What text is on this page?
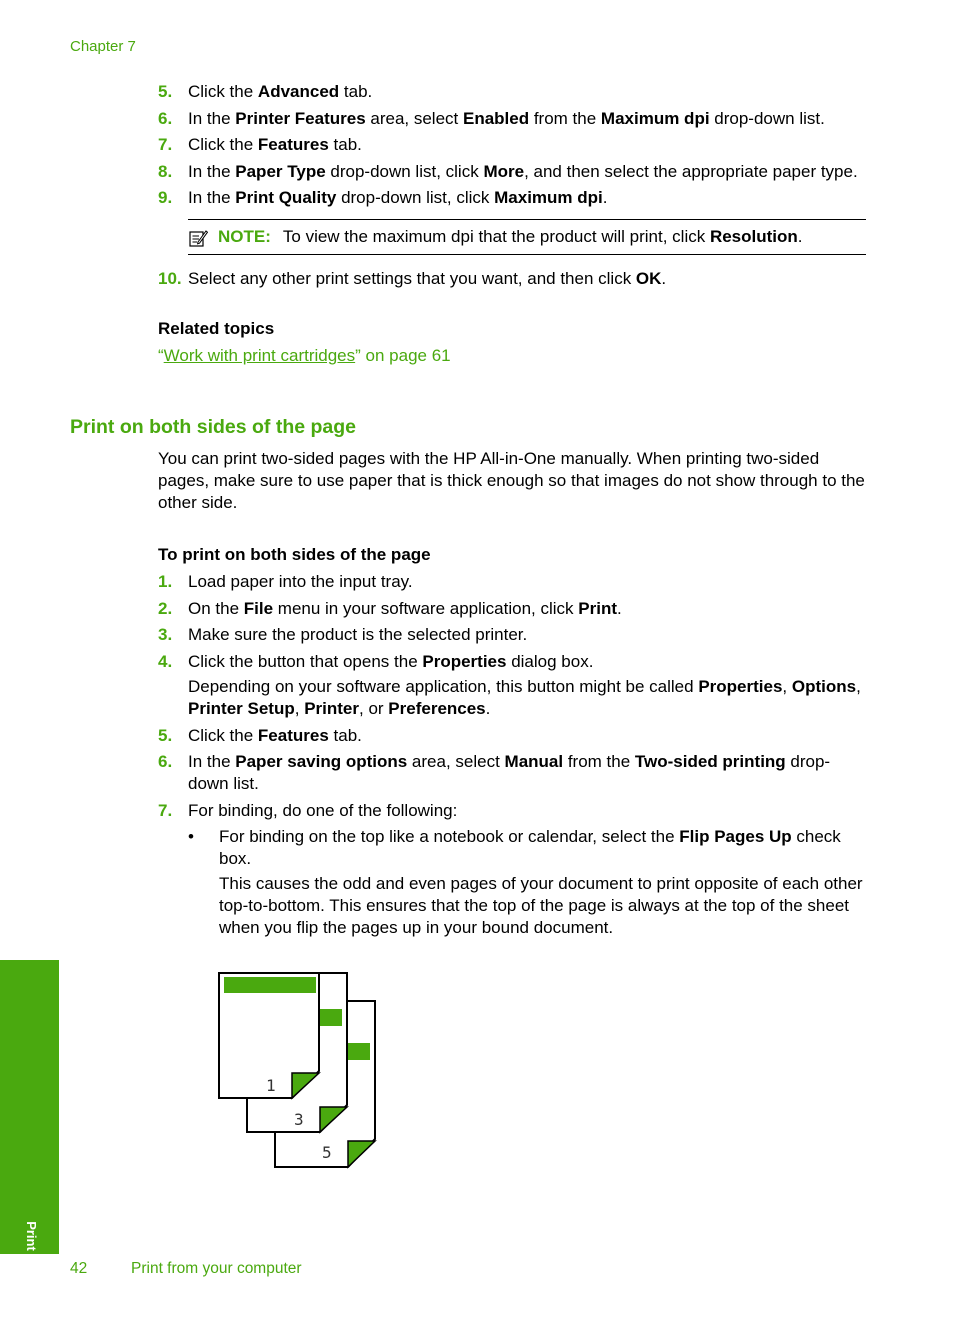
Chapter 7
5. Click the Advanced tab.
6. In the Printer Features area, select Enabled from the Maximum dpi drop-down list.
7. Click the Features tab.
8. In the Paper Type drop-down list, click More, and then select the appropriate paper type.
9. In the Print Quality drop-down list, click Maximum dpi.
NOTE: To view the maximum dpi that the product will print, click Resolution.
10. Select any other print settings that you want, and then click OK.
Related topics
“Work with print cartridges” on page 61
Print on both sides of the page
You can print two-sided pages with the HP All-in-One manually. When printing two-sided pages, make sure to use paper that is thick enough so that images do not show through to the other side.
To print on both sides of the page
1. Load paper into the input tray.
2. On the File menu in your software application, click Print.
3. Make sure the product is the selected printer.
4. Click the button that opens the Properties dialog box.
Depending on your software application, this button might be called Properties, Options, Printer Setup, Printer, or Preferences.
5. Click the Features tab.
6. In the Paper saving options area, select Manual from the Two-sided printing drop-down list.
7. For binding, do one of the following:
• For binding on the top like a notebook or calendar, select the Flip Pages Up check box.
This causes the odd and even pages of your document to print opposite of each other top-to-bottom. This ensures that the top of the page is always at the top of the sheet when you flip the pages up in your bound document.
5
3
1
Print
42	Print from your computer
